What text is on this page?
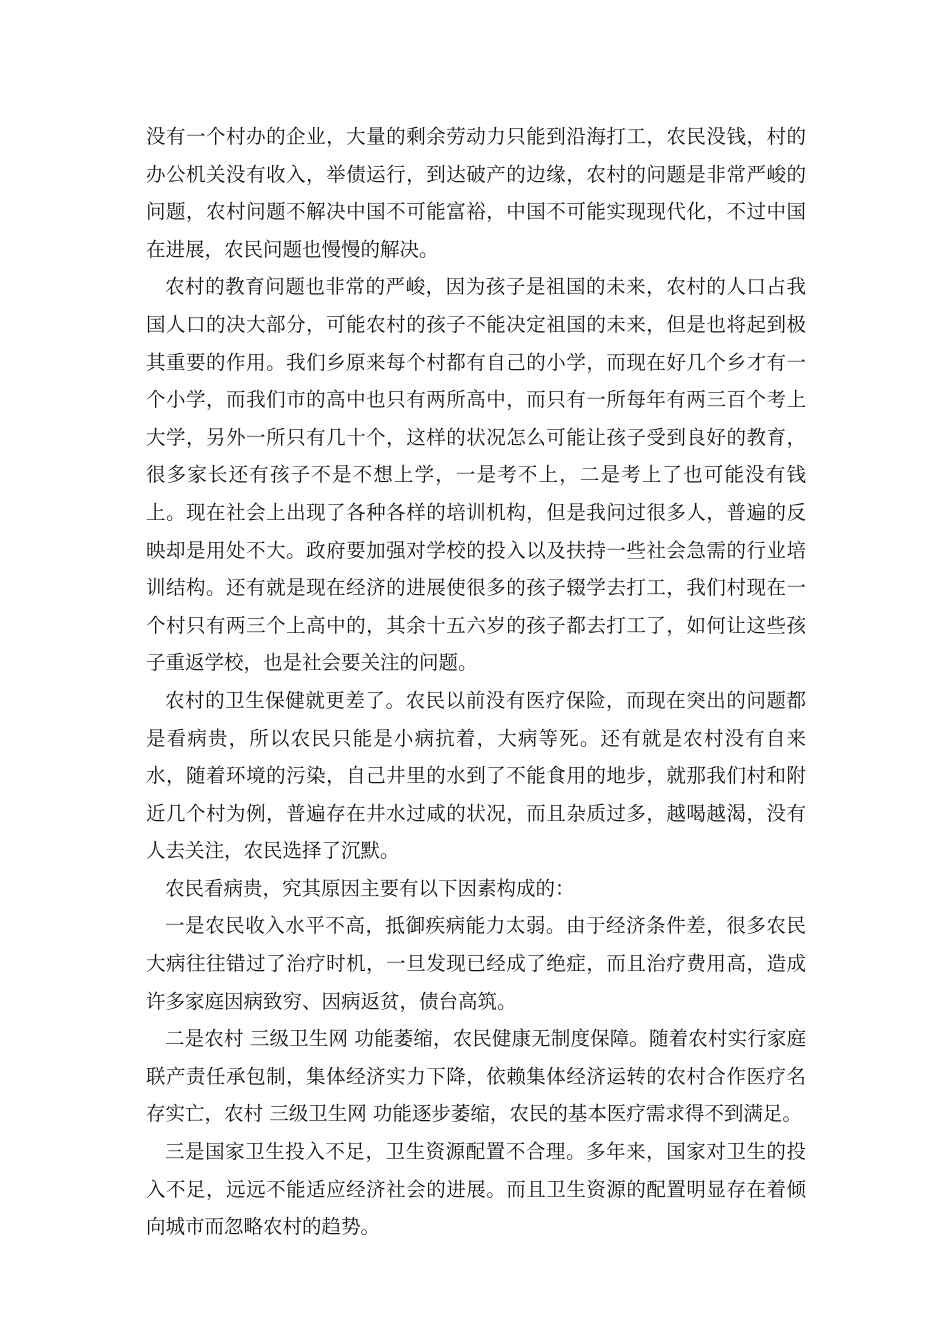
没有一个村办的企业，大量的剩余劳动力只能到沿海打工，农民没钱，村的办公机关没有收入，举债运行，到达破产的边缘，农村的问题是非常严峻的问题，农村问题不解决中国不可能富裕，中国不可能实现现代化，不过中国在进展，农民问题也慢慢的解决。

农村的教育问题也非常的严峻，因为孩子是祖国的未来，农村的人口占我国人口的决大部分，可能农村的孩子不能决定祖国的未来，但是也将起到极其重要的作用。我们乡原来每个村都有自己的小学，而现在好几个乡才有一个小学，而我们市的高中也只有两所高中，而只有一所每年有两三百个考上大学，另外一所只有几十个，这样的状况怎么可能让孩子受到良好的教育，很多家长还有孩子不是不想上学，一是考不上，二是考上了也可能没有钱上。现在社会上出现了各种各样的培训机构，但是我问过很多人，普遍的反映却是用处不大。政府要加强对学校的投入以及扶持一些社会急需的行业培训结构。还有就是现在经济的进展使很多的孩子辍学去打工，我们村现在一个村只有两三个上高中的，其余十五六岁的孩子都去打工了，如何让这些孩子重返学校，也是社会要关注的问题。

农村的卫生保健就更差了。农民以前没有医疗保险，而现在突出的问题都是看病贵，所以农民只能是小病抗着，大病等死。还有就是农村没有自来水，随着环境的污染，自己井里的水到了不能食用的地步，就那我们村和附近几个村为例，普遍存在井水过咸的状况，而且杂质过多，越喝越渴，没有人去关注，农民选择了沉默。

农民看病贵，究其原因主要有以下因素构成的：

一是农民收入水平不高，抵御疾病能力太弱。由于经济条件差，很多农民大病往往错过了治疗时机，一旦发现已经成了绝症，而且治疗费用高，造成许多家庭因病致穷、因病返贫，债台高筑。

二是农村 三级卫生网 功能萎缩，农民健康无制度保障。随着农村实行家庭联产责任承包制，集体经济实力下降，依赖集体经济运转的农村合作医疗名存实亡，农村 三级卫生网 功能逐步萎缩，农民的基本医疗需求得不到满足。

三是国家卫生投入不足，卫生资源配置不合理。多年来，国家对卫生的投入不足，远远不能适应经济社会的进展。而且卫生资源的配置明显存在着倾向城市而忽略农村的趋势。
